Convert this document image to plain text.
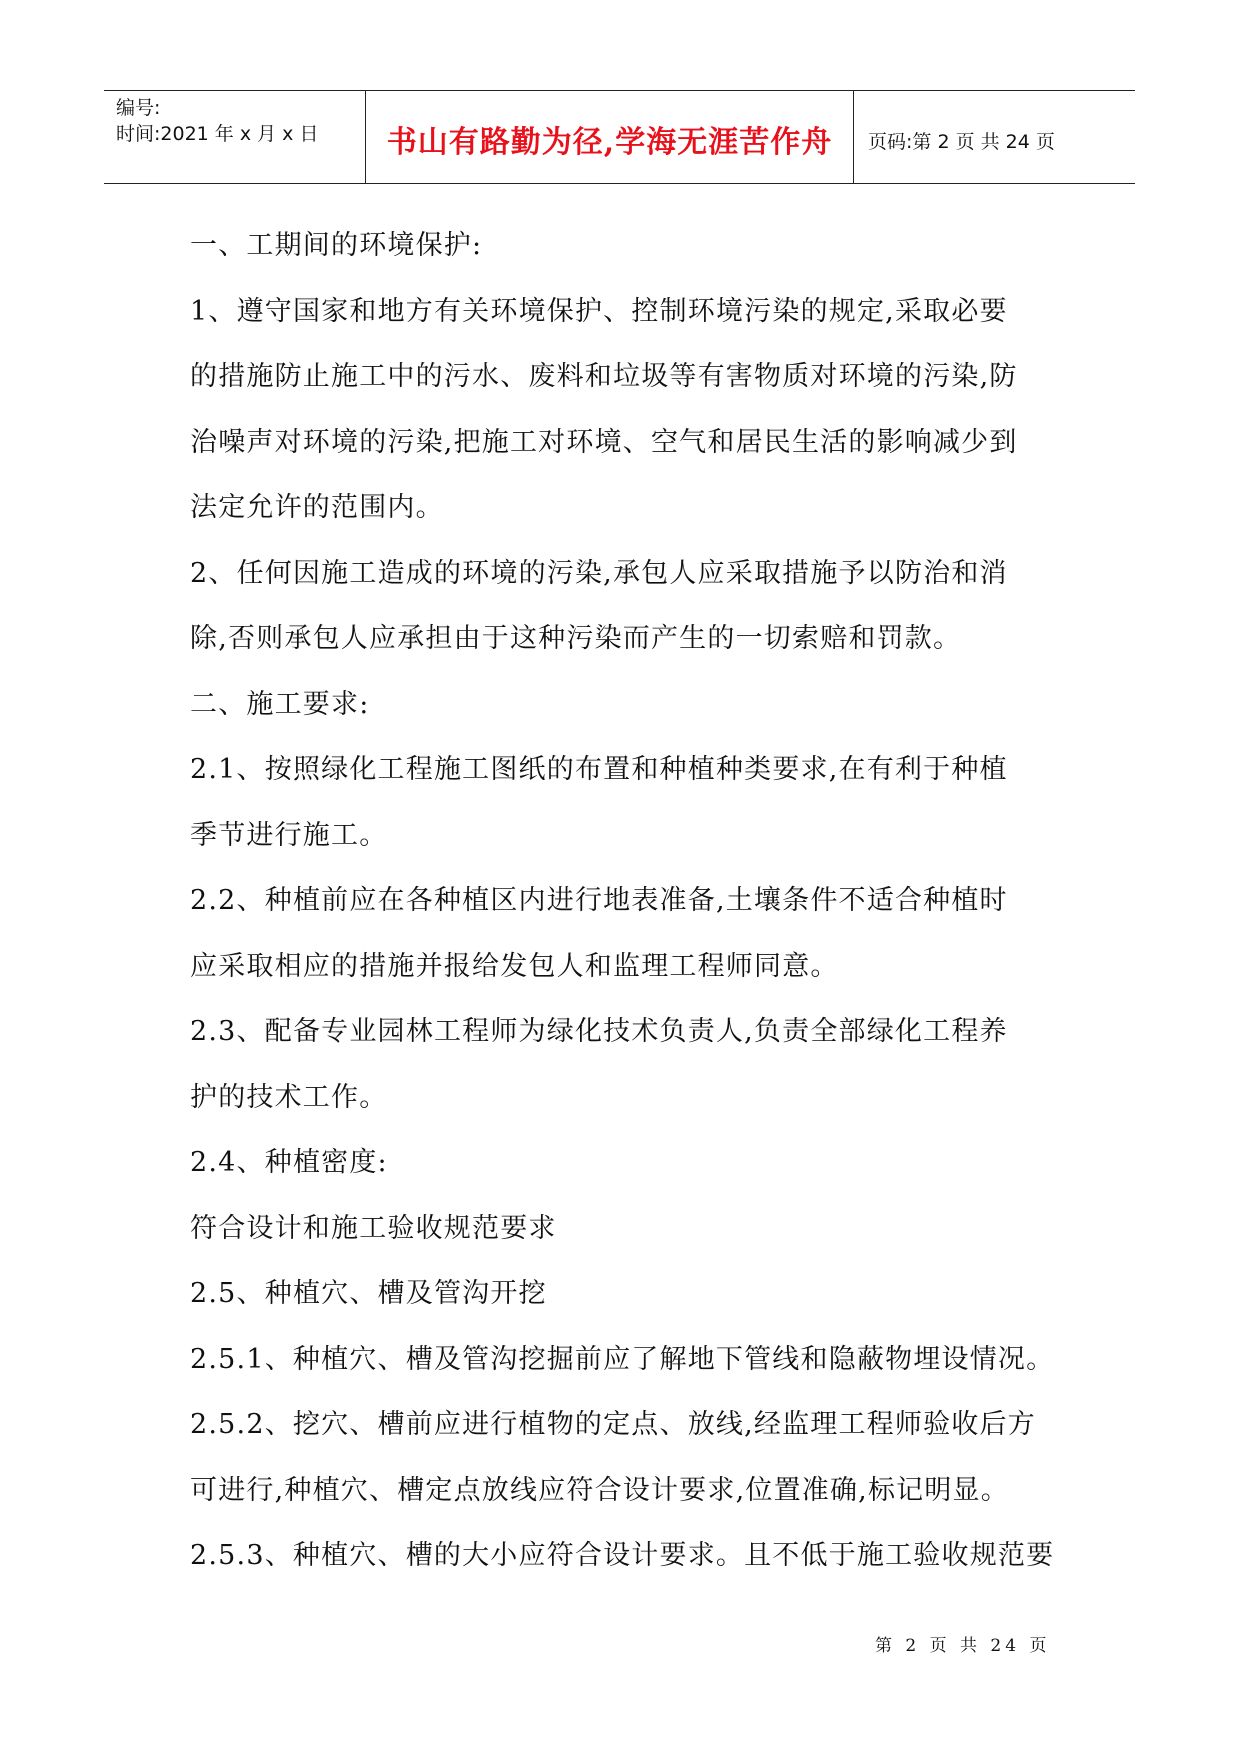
编号:
时间:2021 年 x 月 x 日	书山有路勤为径,学海无涯苦作舟	页码:第 2 页 共 24 页

一、工期间的环境保护:

1、遵守国家和地方有关环境保护、控制环境污染的规定,采取必要

的措施防止施工中的污水、废料和垃圾等有害物质对环境的污染,防

治噪声对环境的污染,把施工对环境、空气和居民生活的影响减少到

法定允许的范围内。

2、任何因施工造成的环境的污染,承包人应采取措施予以防治和消

除,否则承包人应承担由于这种污染而产生的一切索赔和罚款。

二、施工要求:

2.1、按照绿化工程施工图纸的布置和种植种类要求,在有利于种植

季节进行施工。

2.2、种植前应在各种植区内进行地表准备,土壤条件不适合种植时

应采取相应的措施并报给发包人和监理工程师同意。

2.3、配备专业园林工程师为绿化技术负责人,负责全部绿化工程养

护的技术工作。

2.4、种植密度:

符合设计和施工验收规范要求

2.5、种植穴、槽及管沟开挖

2.5.1、种植穴、槽及管沟挖掘前应了解地下管线和隐蔽物埋设情况。

2.5.2、挖穴、槽前应进行植物的定点、放线,经监理工程师验收后方

可进行,种植穴、槽定点放线应符合设计要求,位置准确,标记明显。

2.5.3、种植穴、槽的大小应符合设计要求。且不低于施工验收规范要

第 2 页 共 24 页
